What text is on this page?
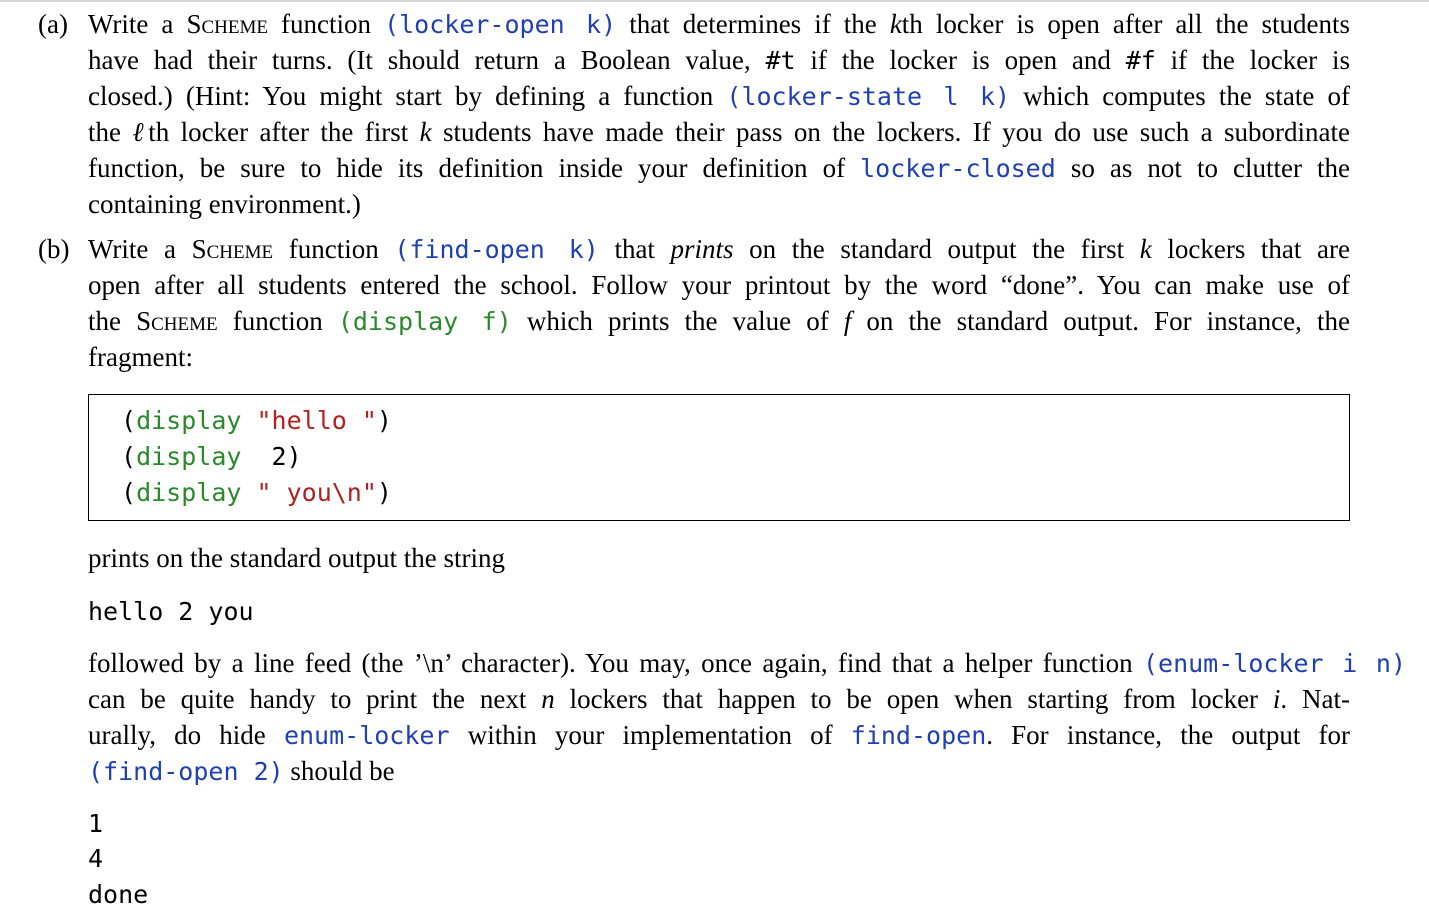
(a) Write a Scheme function (locker-open k) that determines if the kth locker is open after all the students
have had their turns. (It should return a Boolean value, #t if the locker is open and #f if the locker is
closed.) (Hint: You might start by defining a function (locker-state l k) which computes the state of
the ℓth locker after the first k students have made their pass on the lockers. If you do use such a subordinate
function, be sure to hide its definition inside your definition of locker-closed so as not to clutter the
containing environment.)
(b) Write a Scheme function (find-open k) that prints on the standard output the first k lockers that are
open after all students entered the school. Follow your printout by the word “done”. You can make use of
the Scheme function (display f) which prints the value of f on the standard output. For instance, the
fragment:
(display "hello ")
(display 2)
(display " you\n")
prints on the standard output the string
hello 2 you
followed by a line feed (the ’\n’ character). You may, once again, find that a helper function (enum-locker i n)
can be quite handy to print the next n lockers that happen to be open when starting from locker i. Nat-
urally, do hide enum-locker within your implementation of find-open. For instance, the output for
(find-open 2) should be
1
4
done
